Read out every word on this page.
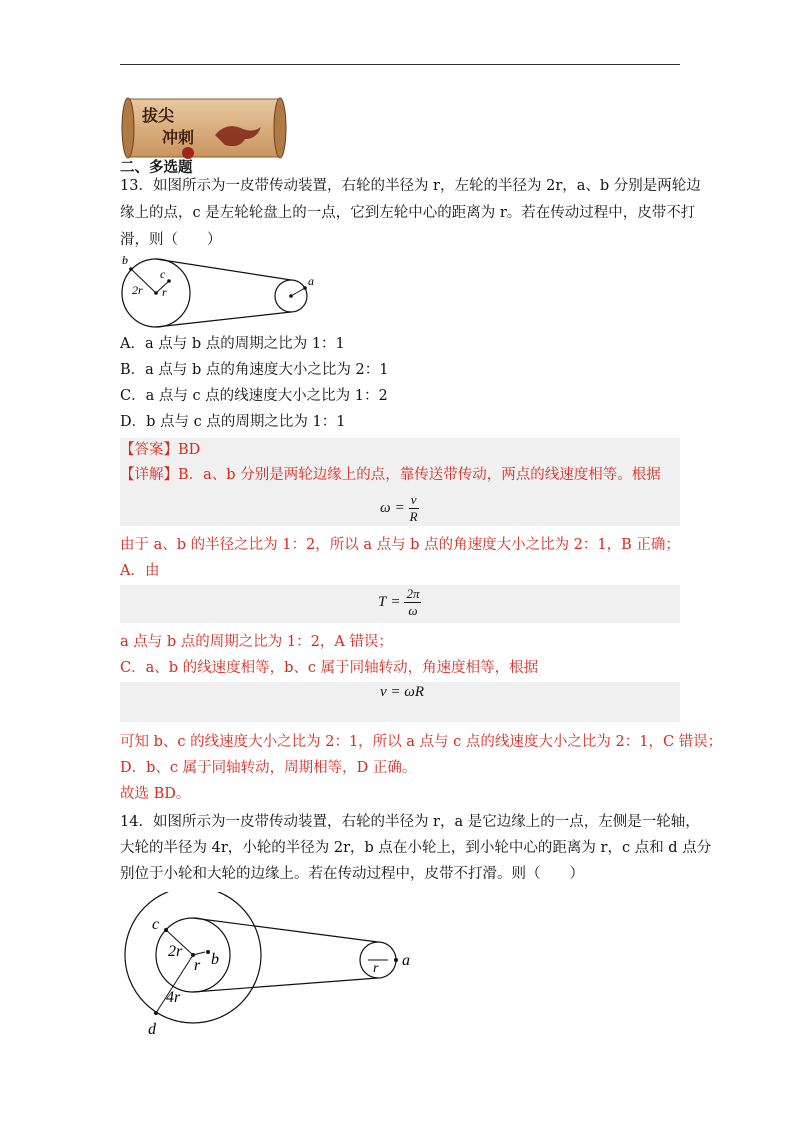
拔尖
冲刺
二、多选题
13．如图所示为一皮带传动装置，右轮的半径为 r，左轮的半径为 2r，a、b 分别是两轮边
缘上的点，c 是左轮轮盘上的一点，它到左轮中心的距离为 r。若在传动过程中，皮带不打
滑，则（　　）
b
c
2r r
a
A．a 点与 b 点的周期之比为 1：1
B．a 点与 b 点的角速度大小之比为 2：1
C．a 点与 c 点的线速度大小之比为 1：2
D．b 点与 c 点的周期之比为 1：1
【答案】BD
【详解】B．a、b 分别是两轮边缘上的点，靠传送带传动，两点的线速度相等。根据
$\omega = \frac{v}{R}$
由于 a、b 的半径之比为 1：2，所以 a 点与 b 点的角速度大小之比为 2：1，B 正确；
A．由
$T = \frac{2\pi}{\omega}$
a 点与 b 点的周期之比为 1：2，A 错误；
C．a、b 的线速度相等，b、c 属于同轴转动，角速度相等，根据
v = ωR
可知 b、c 的线速度大小之比为 2：1，所以 a 点与 c 点的线速度大小之比为 2：1，C 错误；
D．b、c 属于同轴转动，周期相等，D 正确。
故选 BD。
14．如图所示为一皮带传动装置，右轮的半径为 r，a 是它边缘上的一点，左侧是一轮轴，
大轮的半径为 4r，小轮的半径为 2r，b 点在小轮上，到小轮中心的距离为 r，c 点和 d 点分
别位于小轮和大轮的边缘上。若在传动过程中，皮带不打滑。则（　　）
c
2r
r b
4r
d
r a
